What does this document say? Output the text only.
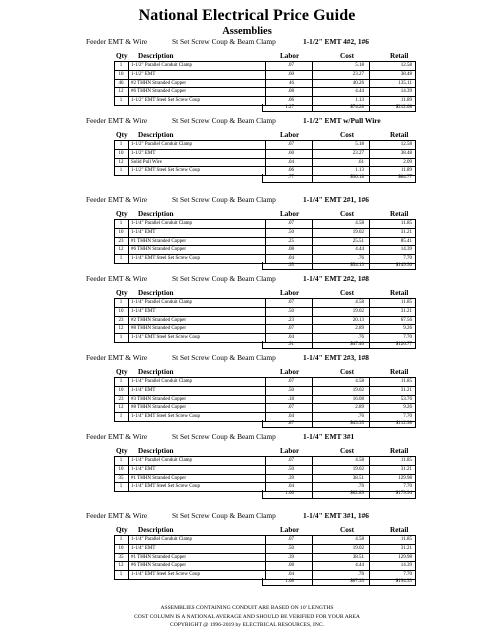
National Electrical Price Guide
Assemblies
Feeder EMT & Wire	St Set Screw Coup & Beam Clamp	1-1/2" EMT 4#2, 1#6
Qty Description	Labor	Cost	Retail
1	1-1/2" Parallel Conduit Clamp	.07	5.18	12.58
10	1-1/2" EMT	.60	23.27	38.48
46	#2 THHN Stranded Copper	46	40.26	135.11
12	#6 THHN Stranded Copper	.08	4.44	14.39
1	1-1/2" EMT Steel Set Screw Coup	.06	1.13	11.89
1.27	$74.28	$212.08
Feeder EMT & Wire	St Set Screw Coup & Beam Clamp	1-1/2" EMT w/Pull Wire
Qty Description	Labor	Cost	Retail
1	1-1/2" Parallel Conduit Clamp	.07	5.18	12.58
10	1-1/2" EMT	.60	23.27	38.48
12	Solid Pull Wire	.04	.61	2.09
1	1-1/2" EMT Steel Set Screw Coup	.06	1.13	11.89
.77	$30.18	$64.77
Feeder EMT & Wire	St Set Screw Coup & Beam Clamp	1-1/4" EMT 2#1, 1#6
Qty Description	Labor	Cost	Retail
1	1-1/4" Parallel Conduit Clamp	.07	4.58	11.85
10	1-1/4" EMT	.50	19.02	31.21
23	#1 THHN Stranded Copper	.25	25.51	85.41
12	#6 THHN Stranded Copper	.08	4.44	14.39
1	1-1/4" EMT Steel Set Screw Coup	.04	.76	7.70
.95	$54.13	$149.56
Feeder EMT & Wire	St Set Screw Coup & Beam Clamp	1-1/4" EMT 2#2, 1#8
Qty Description	Labor	Cost	Retail
1	1-1/4" Parallel Conduit Clamp	.07	4.58	11.85
10	1-1/4" EMT	.50	19.02	31.21
23	#2 THHN Stranded Copper	.23	20.13	67.56
12	#8 THHN Stranded Copper	.07	2.89	9.26
1	1-1/4" EMT Steel Set Screw Coup	.04	.76	7.70
.91	$47.40	$126.77
Feeder EMT & Wire	St Set Screw Coup & Beam Clamp	1-1/4" EMT 2#3, 1#8
Qty Description	Labor	Cost	Retail
1	1-1/4" Parallel Conduit Clamp	.07	4.58	11.85
10	1-1/4" EMT	.50	19.02	31.21
23	#3 THHN Stranded Copper	.18	16.08	53.76
12	#8 THHN Stranded Copper	.07	2.89	9.26
1	1-1/4" EMT Steel Set Screw Coup	.04	.76	7.70
.87	$43.35	$112.98
Feeder EMT & Wire	St Set Screw Coup & Beam Clamp	1-1/4" EMT 3#1
Qty Description	Labor	Cost	Retail
1	1-1/4" Parallel Conduit Clamp	.07	4.58	11.85
10	1-1/4" EMT	.50	19.02	31.21
35	#1 THHN Stranded Copper	.39	38.51	129.98
1	1-1/4" EMT Steel Set Screw Coup	.04	.76	7.70
1.00	$62.89	$179.94
Feeder EMT & Wire	St Set Screw Coup & Beam Clamp	1-1/4" EMT 3#1, 1#6
Qty Description	Labor	Cost	Retail
1	1-1/4" Parallel Conduit Clamp	.07	4.58	11.85
10	1-1/4" EMT	.50	19.02	31.21
35	#1 THHN Stranded Copper	.39	38.51	129.98
12	#6 THHN Stranded Copper	.08	4.44	14.39
1	1-1/4" EMT Steel Set Screw Coup	.04	.76	7.70
1.08	$67.33	$194.33
ASSEMBLIES CONTAINING CONDUIT ARE BASED ON 10' LENGTHS
COST COLUMN IS A NATIONAL AVERAGE AND SHOULD BE VERIFIED FOR YOUR AREA
COPYRIGHT @ 1996-2019 by ELECTRICAL RESOURCES, INC.
